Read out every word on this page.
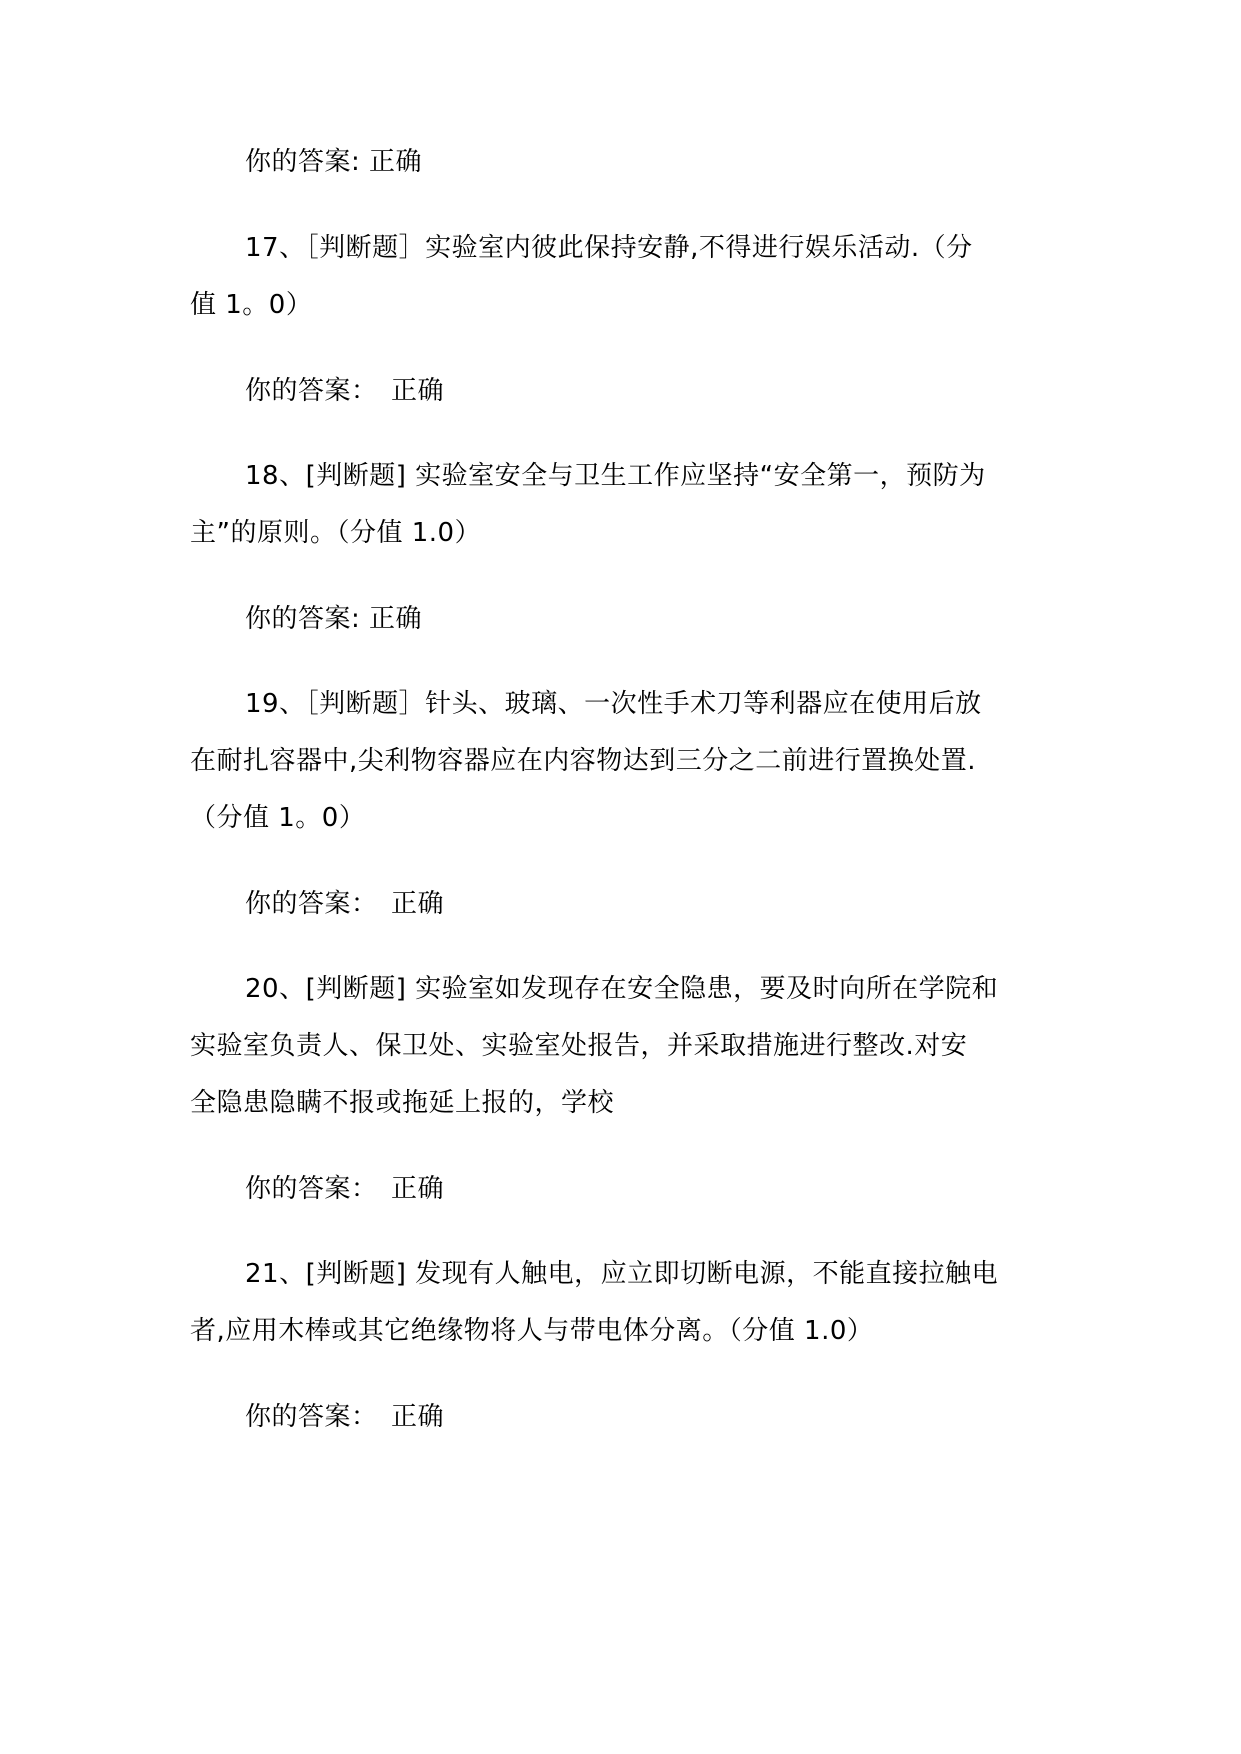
你的答案: 正确

17、［判断题］实验室内彼此保持安静,不得进行娱乐活动.（分

值 1。0）

你的答案：　正确

18、[判断题] 实验室安全与卫生工作应坚持“安全第一，预防为

主”的原则。（分值 1.0）

你的答案: 正确

19、［判断题］针头、玻璃、一次性手术刀等利器应在使用后放

在耐扎容器中,尖利物容器应在内容物达到三分之二前进行置换处置.

（分值 1。0）

你的答案：　正确

20、[判断题] 实验室如发现存在安全隐患，要及时向所在学院和

实验室负责人、保卫处、实验室处报告，并采取措施进行整改.对安

全隐患隐瞒不报或拖延上报的，学校

你的答案：　正确

21、[判断题] 发现有人触电，应立即切断电源，不能直接拉触电

者,应用木棒或其它绝缘物将人与带电体分离。（分值 1.0）

你的答案：　正确
